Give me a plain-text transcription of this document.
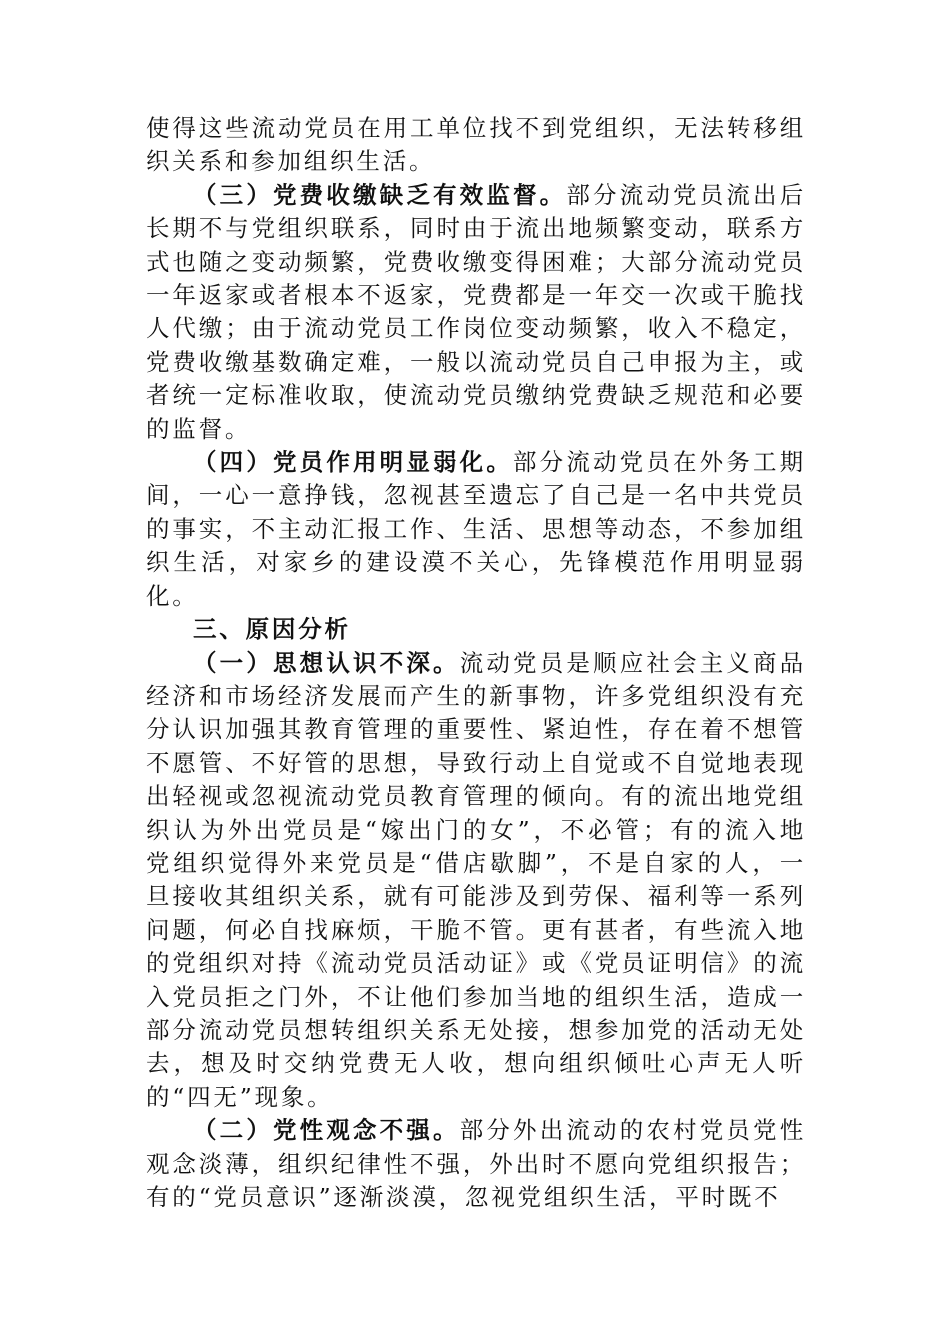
使得这些流动党员在用工单位找不到党组织，无法转移组织关系和参加组织生活。

（三）党费收缴缺乏有效监督。部分流动党员流出后长期不与党组织联系，同时由于流出地频繁变动，联系方式也随之变动频繁，党费收缴变得困难；大部分流动党员一年返家或者根本不返家，党费都是一年交一次或干脆找人代缴；由于流动党员工作岗位变动频繁，收入不稳定，党费收缴基数确定难，一般以流动党员自己申报为主，或者统一定标准收取，使流动党员缴纳党费缺乏规范和必要的监督。

（四）党员作用明显弱化。部分流动党员在外务工期间，一心一意挣钱，忽视甚至遗忘了自己是一名中共党员的事实，不主动汇报工作、生活、思想等动态，不参加组织生活，对家乡的建设漠不关心，先锋模范作用明显弱化。

三、原因分析

（一）思想认识不深。流动党员是顺应社会主义商品经济和市场经济发展而产生的新事物，许多党组织没有充分认识加强其教育管理的重要性、紧迫性，存在着不想管不愿管、不好管的思想，导致行动上自觉或不自觉地表现出轻视或忽视流动党员教育管理的倾向。有的流出地党组织认为外出党员是“嫁出门的女”，不必管；有的流入地党组织觉得外来党员是“借店歇脚”，不是自家的人，一旦接收其组织关系，就有可能涉及到劳保、福利等一系列问题，何必自找麻烦，干脆不管。更有甚者，有些流入地的党组织对持《流动党员活动证》或《党员证明信》的流入党员拒之门外，不让他们参加当地的组织生活，造成一部分流动党员想转组织关系无处接，想参加党的活动无处去，想及时交纳党费无人收，想向组织倾吐心声无人听的“四无”现象。

（二）党性观念不强。部分外出流动的农村党员党性观念淡薄，组织纪律性不强，外出时不愿向党组织报告；有的“党员意识”逐渐淡漠，忽视党组织生活，平时既不
